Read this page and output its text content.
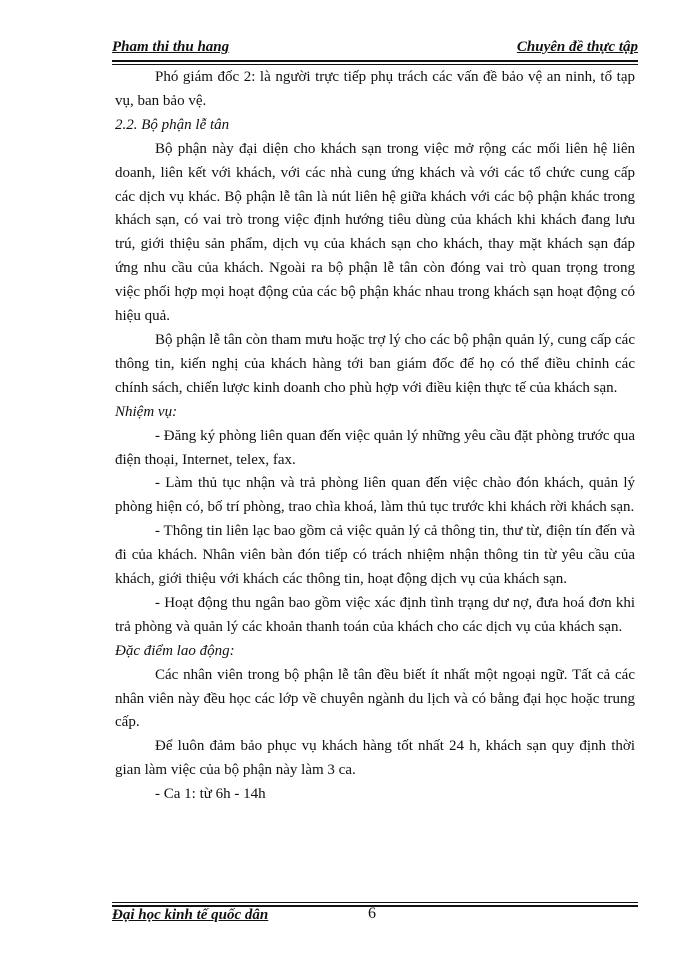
Pham thi thu hang	Chuyên đề thực tập

Phó giám đốc 2: là người trực tiếp phụ trách các vấn đề bảo vệ an ninh, tổ tạp vụ, ban bảo vệ.

2.2. Bộ phận lễ tân

Bộ phận này đại diện cho khách sạn trong việc mở rộng các mối liên hệ liên doanh, liên kết với khách, với các nhà cung ứng khách và với các tổ chức cung cấp các dịch vụ khác. Bộ phận lễ tân là nút liên hệ giữa khách với các bộ phận khác trong khách sạn, có vai trò trong việc định hướng tiêu dùng của khách khi khách đang lưu trú, giới thiệu sản phẩm, dịch vụ của khách sạn cho khách, thay mặt khách sạn đáp ứng nhu cầu của khách. Ngoài ra bộ phận lễ tân còn đóng vai trò quan trọng trong việc phối hợp mọi hoạt động của các bộ phận khác nhau trong khách sạn hoạt động có hiệu quả.

Bộ phận lễ tân còn tham mưu hoặc trợ lý cho các bộ phận quản lý, cung cấp các thông tin, kiến nghị của khách hàng tới ban giám đốc để họ có thể điều chỉnh các chính sách, chiến lược kinh doanh cho phù hợp với điều kiện thực tế của khách sạn.

Nhiệm vụ:

- Đăng ký phòng liên quan đến việc quản lý những yêu cầu đặt phòng trước qua điện thoại, Internet, telex, fax.

- Làm thủ tục nhận và trả phòng liên quan đến việc chào đón khách, quản lý phòng hiện có, bố trí phòng, trao chìa khoá, làm thủ tục trước khi khách rời khách sạn.

- Thông tin liên lạc bao gồm cả việc quản lý cả thông tin, thư từ, điện tín đến và đi của khách. Nhân viên bàn đón tiếp có trách nhiệm nhận thông tin từ yêu cầu của khách, giới thiệu với khách các thông tin, hoạt động dịch vụ của khách sạn.

- Hoạt động thu ngân bao gồm việc xác định tình trạng dư nợ, đưa hoá đơn khi trả phòng và quản lý các khoản thanh toán của khách cho các dịch vụ của khách sạn.

Đặc điểm lao động:

Các nhân viên trong bộ phận lễ tân đều biết ít nhất một ngoại ngữ. Tất cả các nhân viên này đều học các lớp về chuyên ngành du lịch và có bằng đại học hoặc trung cấp.

Để luôn đảm bảo phục vụ khách hàng tốt nhất 24 h, khách sạn quy định thời gian làm việc của bộ phận này làm 3 ca.

- Ca 1: từ 6h - 14h

Đại học kinh tế quốc dân	6
